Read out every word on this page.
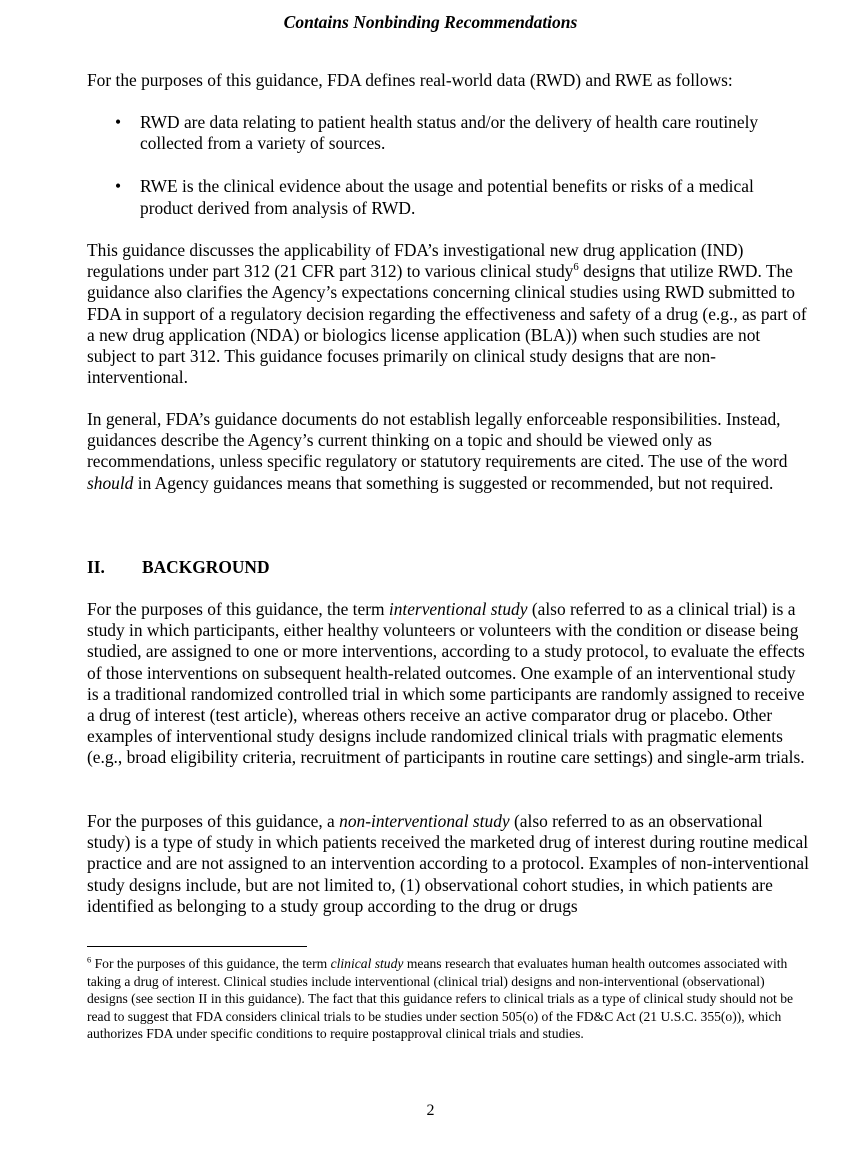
Contains Nonbinding Recommendations

For the purposes of this guidance, FDA defines real-world data (RWD) and RWE as follows:

• RWD are data relating to patient health status and/or the delivery of health care routinely collected from a variety of sources.
• RWE is the clinical evidence about the usage and potential benefits or risks of a medical product derived from analysis of RWD.

This guidance discusses the applicability of FDA’s investigational new drug application (IND) regulations under part 312 (21 CFR part 312) to various clinical study$^6$ designs that utilize RWD. The guidance also clarifies the Agency’s expectations concerning clinical studies using RWD submitted to FDA in support of a regulatory decision regarding the effectiveness and safety of a drug (e.g., as part of a new drug application (NDA) or biologics license application (BLA)) when such studies are not subject to part 312. This guidance focuses primarily on clinical study designs that are non-interventional.

In general, FDA’s guidance documents do not establish legally enforceable responsibilities. Instead, guidances describe the Agency’s current thinking on a topic and should be viewed only as recommendations, unless specific regulatory or statutory requirements are cited. The use of the word should in Agency guidances means that something is suggested or recommended, but not required.

II. BACKGROUND

For the purposes of this guidance, the term interventional study (also referred to as a clinical trial) is a study in which participants, either healthy volunteers or volunteers with the condition or disease being studied, are assigned to one or more interventions, according to a study protocol, to evaluate the effects of those interventions on subsequent health-related outcomes. One example of an interventional study is a traditional randomized controlled trial in which some participants are randomly assigned to receive a drug of interest (test article), whereas others receive an active comparator drug or placebo. Other examples of interventional study designs include randomized clinical trials with pragmatic elements (e.g., broad eligibility criteria, recruitment of participants in routine care settings) and single-arm trials.

For the purposes of this guidance, a non-interventional study (also referred to as an observational study) is a type of study in which patients received the marketed drug of interest during routine medical practice and are not assigned to an intervention according to a protocol. Examples of non-interventional study designs include, but are not limited to, (1) observational cohort studies, in which patients are identified as belonging to a study group according to the drug or drugs

$^6$ For the purposes of this guidance, the term clinical study means research that evaluates human health outcomes associated with taking a drug of interest. Clinical studies include interventional (clinical trial) designs and non-interventional (observational) designs (see section II in this guidance). The fact that this guidance refers to clinical trials as a type of clinical study should not be read to suggest that FDA considers clinical trials to be studies under section 505(o) of the FD&C Act (21 U.S.C. 355(o)), which authorizes FDA under specific conditions to require postapproval clinical trials and studies.

2
